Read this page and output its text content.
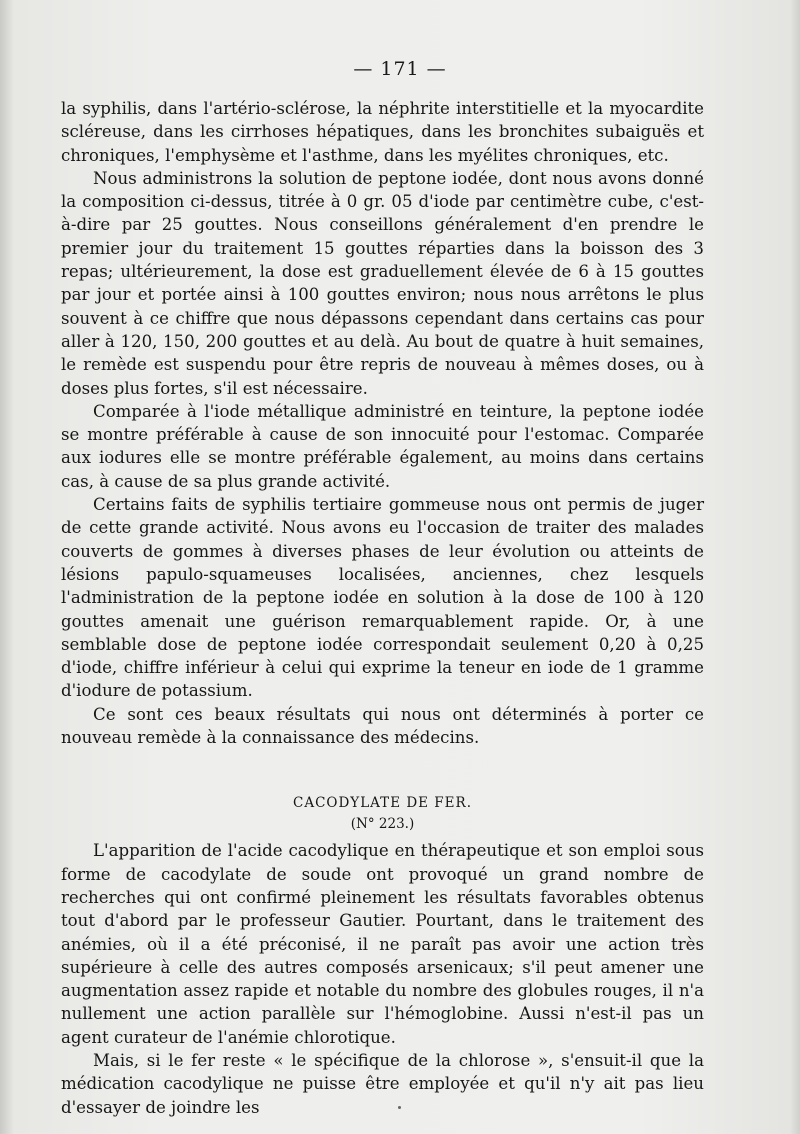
— 171 —

la syphilis, dans l'artério-sclérose, la néphrite interstitielle et la myocardite scléreuse, dans les cirrhoses hépatiques, dans les bronchites subaiguës et chroniques, l'emphysème et l'asthme, dans les myélites chroniques, etc.

Nous administrons la solution de peptone iodée, dont nous avons donné la composition ci-dessus, titrée à 0 gr. 05 d'iode par centimètre cube, c'est-à-dire par 25 gouttes. Nous conseillons généralement d'en prendre le premier jour du traitement 15 gouttes réparties dans la boisson des 3 repas; ultérieurement, la dose est graduellement élevée de 6 à 15 gouttes par jour et portée ainsi à 100 gouttes environ; nous nous arrêtons le plus souvent à ce chiffre que nous dépassons cependant dans certains cas pour aller à 120, 150, 200 gouttes et au delà. Au bout de quatre à huit semaines, le remède est suspendu pour être repris de nouveau à mêmes doses, ou à doses plus fortes, s'il est nécessaire.

Comparée à l'iode métallique administré en teinture, la peptone iodée se montre préférable à cause de son innocuité pour l'estomac. Comparée aux iodures elle se montre préférable également, au moins dans certains cas, à cause de sa plus grande activité.

Certains faits de syphilis tertiaire gommeuse nous ont permis de juger de cette grande activité. Nous avons eu l'occasion de traiter des malades couverts de gommes à diverses phases de leur évolution ou atteints de lésions papulo-squameuses localisées, anciennes, chez lesquels l'administration de la peptone iodée en solution à la dose de 100 à 120 gouttes amenait une guérison remarquablement rapide. Or, à une semblable dose de peptone iodée correspondait seulement 0,20 à 0,25 d'iode, chiffre inférieur à celui qui exprime la teneur en iode de 1 gramme d'iodure de potassium.

Ce sont ces beaux résultats qui nous ont déterminés à porter ce nouveau remède à la connaissance des médecins.

CACODYLATE DE FER.

(N° 223.)

L'apparition de l'acide cacodylique en thérapeutique et son emploi sous forme de cacodylate de soude ont provoqué un grand nombre de recherches qui ont confirmé pleinement les résultats favorables obtenus tout d'abord par le professeur Gautier. Pourtant, dans le traitement des anémies, où il a été préconisé, il ne paraît pas avoir une action très supérieure à celle des autres composés arsenicaux; s'il peut amener une augmentation assez rapide et notable du nombre des globules rouges, il n'a nullement une action parallèle sur l'hémoglobine. Aussi n'est-il pas un agent curateur de l'anémie chlorotique.

Mais, si le fer reste « le spécifique de la chlorose », s'ensuit-il que la médication cacodylique ne puisse être employée et qu'il n'y ait pas lieu d'essayer de joindre les
